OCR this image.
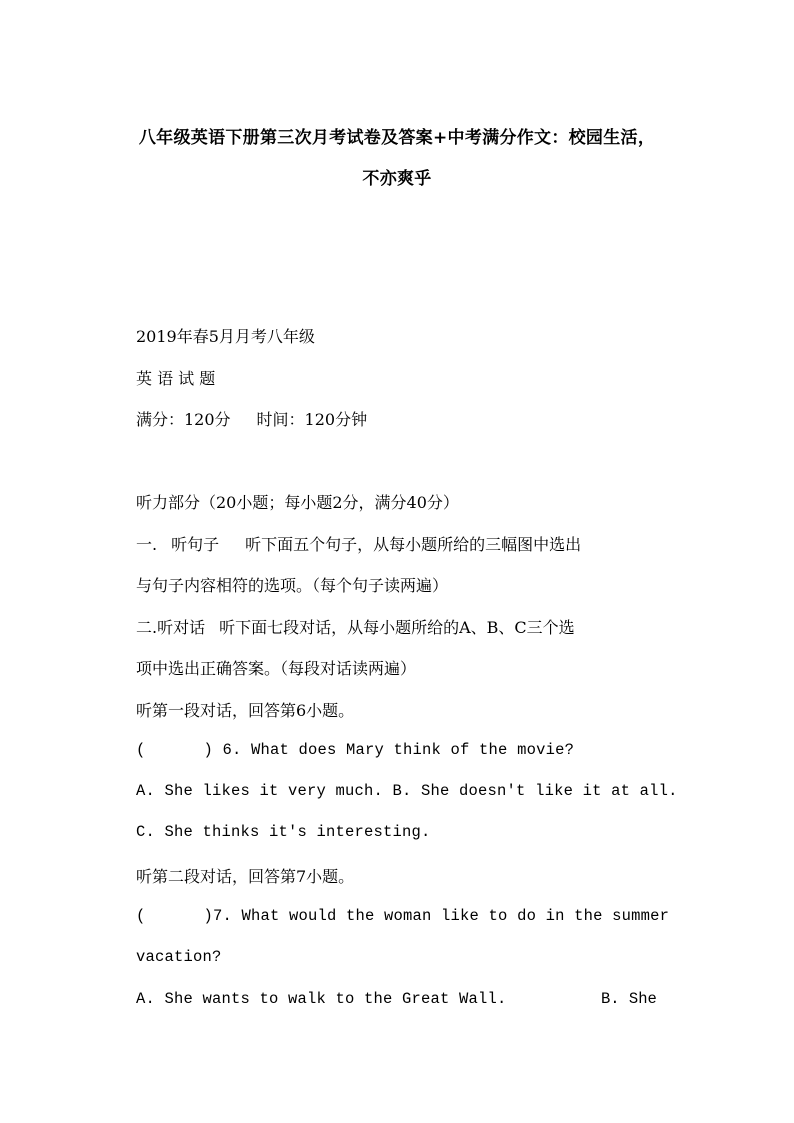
八年级英语下册第三次月考试卷及答案+中考满分作文：校园生活，
不亦爽乎
2019年春5月月考八年级
英 语 试 题
满分：120分 时间：120分钟
听力部分（20小题；每小题2分，满分40分）
一. 听句子 听下面五个句子，从每小题所给的三幅图中选出
与句子内容相符的选项。（每个句子读两遍）
二.听对话 听下面七段对话，从每小题所给的A、B、C三个选
项中选出正确答案。（每段对话读两遍）
听第一段对话，回答第6小题。
(	) 6. What does Mary think of the movie?
A. She likes it very much. B. She doesn't like it at all.
C. She thinks it's interesting.
听第二段对话，回答第7小题。
(	)7. What would the woman like to do in the summer
vacation?
A. She wants to walk to the Great Wall.	B. She
